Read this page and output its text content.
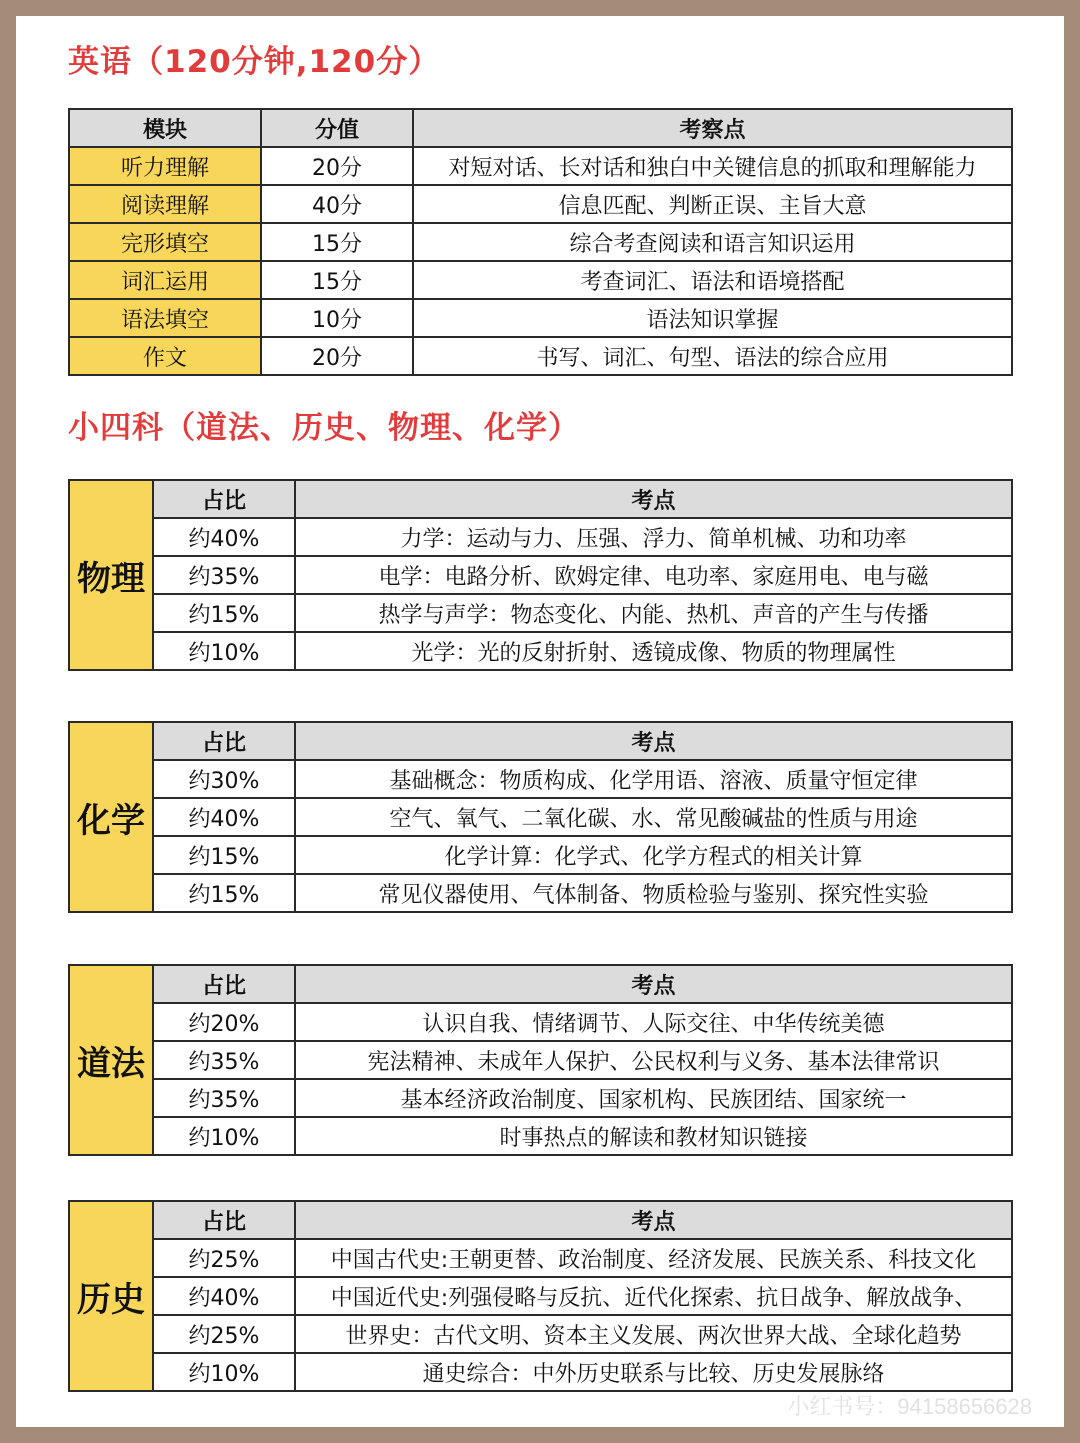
英语（120分钟,120分）
模块	分值	考察点
听力理解	20分	对短对话、长对话和独白中关键信息的抓取和理解能力
阅读理解	40分	信息匹配、判断正误、主旨大意
完形填空	15分	综合考查阅读和语言知识运用
词汇运用	15分	考查词汇、语法和语境搭配
语法填空	10分	语法知识掌握
作文	20分	书写、词汇、句型、语法的综合应用
小四科（道法、历史、物理、化学）
物理	占比	考点
	约40%	力学：运动与力、压强、浮力、简单机械、功和功率
	约35%	电学：电路分析、欧姆定律、电功率、家庭用电、电与磁
	约15%	热学与声学：物态变化、内能、热机、声音的产生与传播
	约10%	光学：光的反射折射、透镜成像、物质的物理属性
化学	占比	考点
	约30%	基础概念：物质构成、化学用语、溶液、质量守恒定律
	约40%	空气、氧气、二氧化碳、水、常见酸碱盐的性质与用途
	约15%	化学计算：化学式、化学方程式的相关计算
	约15%	常见仪器使用、气体制备、物质检验与鉴别、探究性实验
道法	占比	考点
	约20%	认识自我、情绪调节、人际交往、中华传统美德
	约35%	宪法精神、未成年人保护、公民权利与义务、基本法律常识
	约35%	基本经济政治制度、国家机构、民族团结、国家统一
	约10%	时事热点的解读和教材知识链接
历史	占比	考点
	约25%	中国古代史:王朝更替、政治制度、经济发展、民族关系、科技文化
	约40%	中国近代史:列强侵略与反抗、近代化探索、抗日战争、解放战争、
	约25%	世界史：古代文明、资本主义发展、两次世界大战、全球化趋势
	约10%	通史综合：中外历史联系与比较、历史发展脉络
小红书号：94158656628
